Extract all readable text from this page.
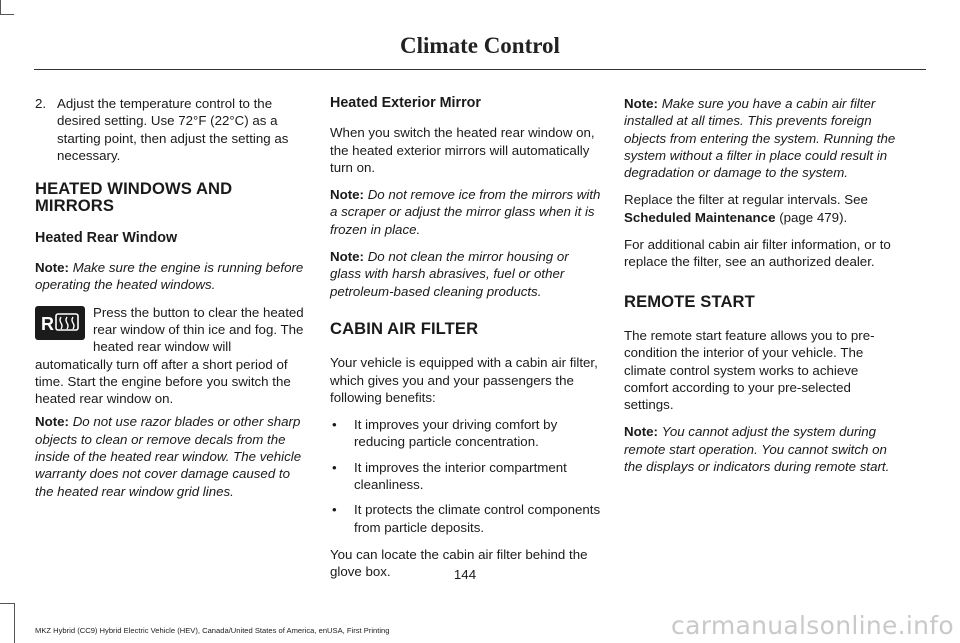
Climate Control
2. Adjust the temperature control to the desired setting. Use 72°F (22°C) as a starting point, then adjust the setting as necessary.
HEATED WINDOWS AND MIRRORS
Heated Rear Window

Note: Make sure the engine is running before operating the heated windows.

R
Press the button to clear the heated rear window of thin ice and fog. The heated rear window will automatically turn off after a short period of time. Start the engine before you switch the heated rear window on.

Note: Do not use razor blades or other sharp objects to clean or remove decals from the inside of the heated rear window. The vehicle warranty does not cover damage caused to the heated rear window grid lines.

Heated Exterior Mirror

When you switch the heated rear window on, the heated exterior mirrors will automatically turn on.

Note: Do not remove ice from the mirrors with a scraper or adjust the mirror glass when it is frozen in place.

Note: Do not clean the mirror housing or glass with harsh abrasives, fuel or other petroleum-based cleaning products.

CABIN AIR FILTER

Your vehicle is equipped with a cabin air filter, which gives you and your passengers the following benefits:

•	It improves your driving comfort by reducing particle concentration.
•	It improves the interior compartment cleanliness.
•	It protects the climate control components from particle deposits.

You can locate the cabin air filter behind the glove box.

Note: Make sure you have a cabin air filter installed at all times. This prevents foreign objects from entering the system. Running the system without a filter in place could result in degradation or damage to the system.

Replace the filter at regular intervals. See Scheduled Maintenance (page 479).

For additional cabin air filter information, or to replace the filter, see an authorized dealer.

REMOTE START

The remote start feature allows you to pre-condition the interior of your vehicle. The climate control system works to achieve comfort according to your pre-selected settings.

Note: You cannot adjust the system during remote start operation. You cannot switch on the displays or indicators during remote start.

144
MKZ Hybrid (CC9) Hybrid Electric Vehicle (HEV), Canada/United States of America, enUSA, First Printing	carmanualsonline.info
